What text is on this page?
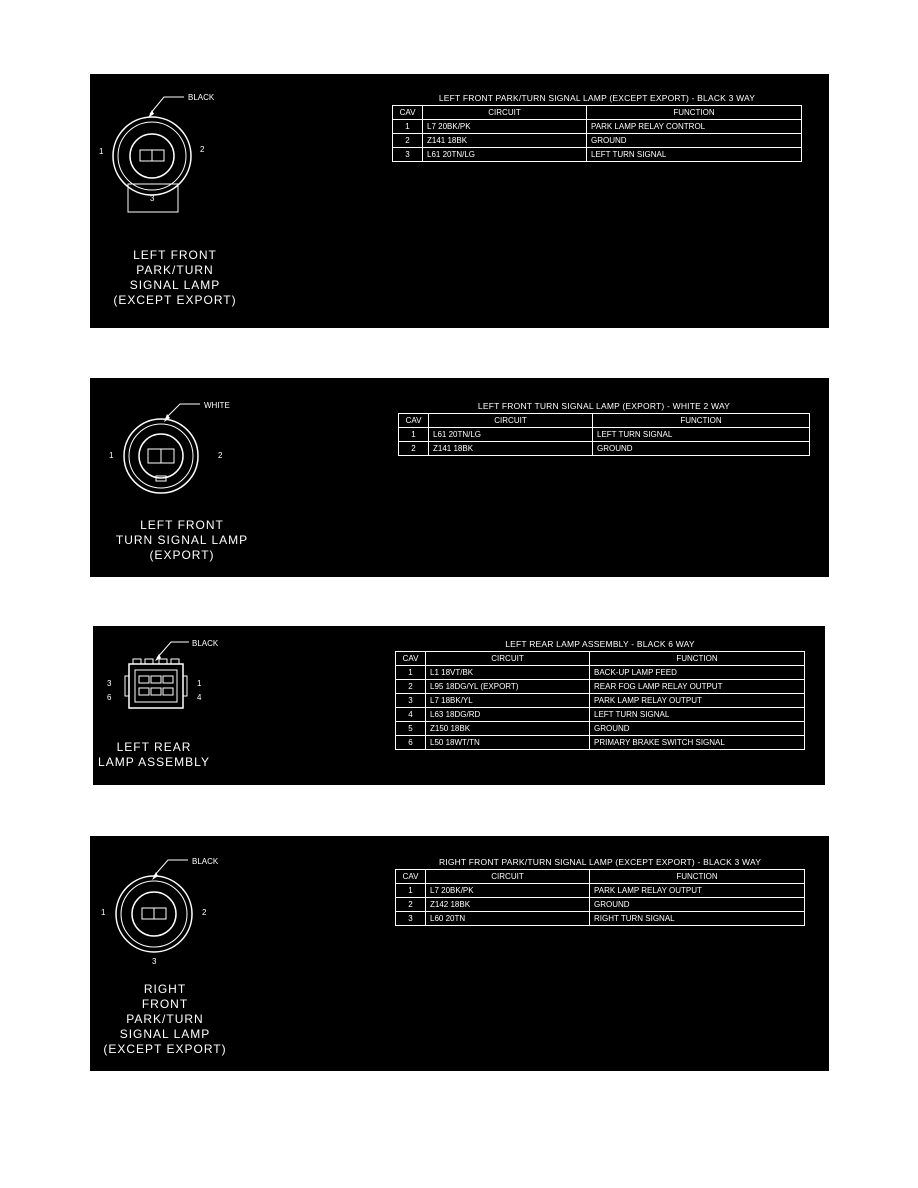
BLACK
1	2
3
LEFT FRONT
PARK/TURN
SIGNAL LAMP
(EXCEPT EXPORT)
LEFT FRONT PARK/TURN SIGNAL LAMP (EXCEPT EXPORT) - BLACK 3 WAY
CAV	CIRCUIT	FUNCTION
1	L7 20BK/PK	PARK LAMP RELAY CONTROL
2	Z141 18BK	GROUND
3	L61 20TN/LG	LEFT TURN SIGNAL
WHITE
1	2
LEFT FRONT
TURN SIGNAL LAMP
(EXPORT)
LEFT FRONT TURN SIGNAL LAMP (EXPORT) - WHITE 2 WAY
CAV	CIRCUIT	FUNCTION
1	L61 20TN/LG	LEFT TURN SIGNAL
2	Z141 18BK	GROUND
BLACK
3
6
1
4
LEFT REAR
LAMP ASSEMBLY
LEFT REAR LAMP ASSEMBLY - BLACK 6 WAY
CAV	CIRCUIT	FUNCTION
1	L1 18VT/BK	BACK-UP LAMP FEED
2	L95 18DG/YL (EXPORT)	REAR FOG LAMP RELAY OUTPUT
3	L7 18BK/YL	PARK LAMP RELAY OUTPUT
4	L63 18DG/RD	LEFT TURN SIGNAL
5	Z150 18BK	GROUND
6	L50 18WT/TN	PRIMARY BRAKE SWITCH SIGNAL
BLACK
1	2
3
RIGHT
FRONT
PARK/TURN
SIGNAL LAMP
(EXCEPT EXPORT)
RIGHT FRONT PARK/TURN SIGNAL LAMP (EXCEPT EXPORT) - BLACK 3 WAY
CAV	CIRCUIT	FUNCTION
1	L7 20BK/PK	PARK LAMP RELAY OUTPUT
2	Z142 18BK	GROUND
3	L60 20TN	RIGHT TURN SIGNAL
